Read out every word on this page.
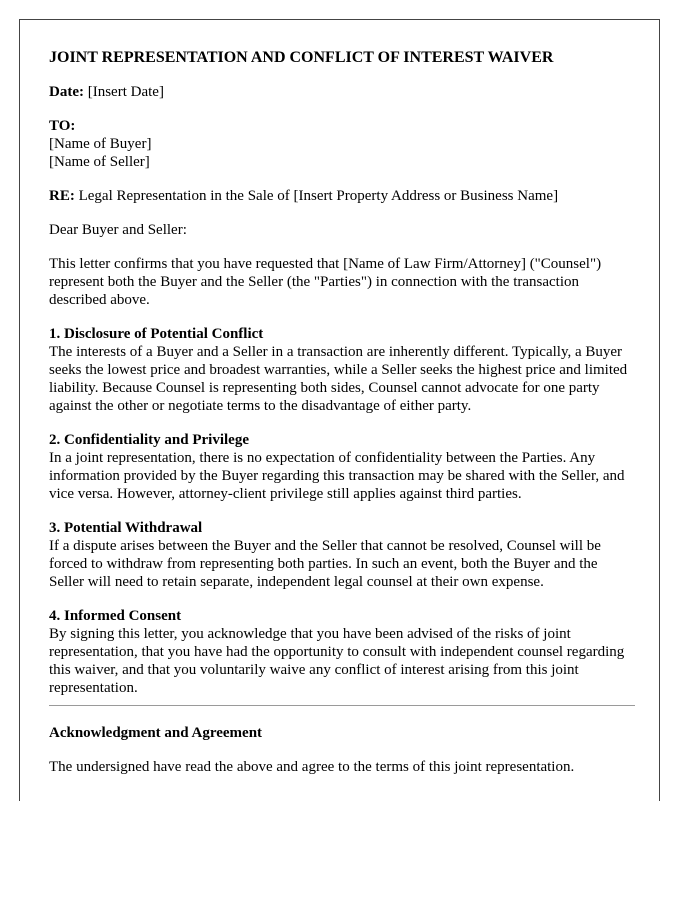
JOINT REPRESENTATION AND CONFLICT OF INTEREST WAIVER
Date: [Insert Date]
TO:
[Name of Buyer]
[Name of Seller]
RE: Legal Representation in the Sale of [Insert Property Address or Business Name]
Dear Buyer and Seller:
This letter confirms that you have requested that [Name of Law Firm/Attorney] ("Counsel") represent both the Buyer and the Seller (the "Parties") in connection with the transaction described above.
1. Disclosure of Potential Conflict
The interests of a Buyer and a Seller in a transaction are inherently different. Typically, a Buyer seeks the lowest price and broadest warranties, while a Seller seeks the highest price and limited liability. Because Counsel is representing both sides, Counsel cannot advocate for one party against the other or negotiate terms to the disadvantage of either party.
2. Confidentiality and Privilege
In a joint representation, there is no expectation of confidentiality between the Parties. Any information provided by the Buyer regarding this transaction may be shared with the Seller, and vice versa. However, attorney-client privilege still applies against third parties.
3. Potential Withdrawal
If a dispute arises between the Buyer and the Seller that cannot be resolved, Counsel will be forced to withdraw from representing both parties. In such an event, both the Buyer and the Seller will need to retain separate, independent legal counsel at their own expense.
4. Informed Consent
By signing this letter, you acknowledge that you have been advised of the risks of joint representation, that you have had the opportunity to consult with independent counsel regarding this waiver, and that you voluntarily waive any conflict of interest arising from this joint representation.
Acknowledgment and Agreement
The undersigned have read the above and agree to the terms of this joint representation.
